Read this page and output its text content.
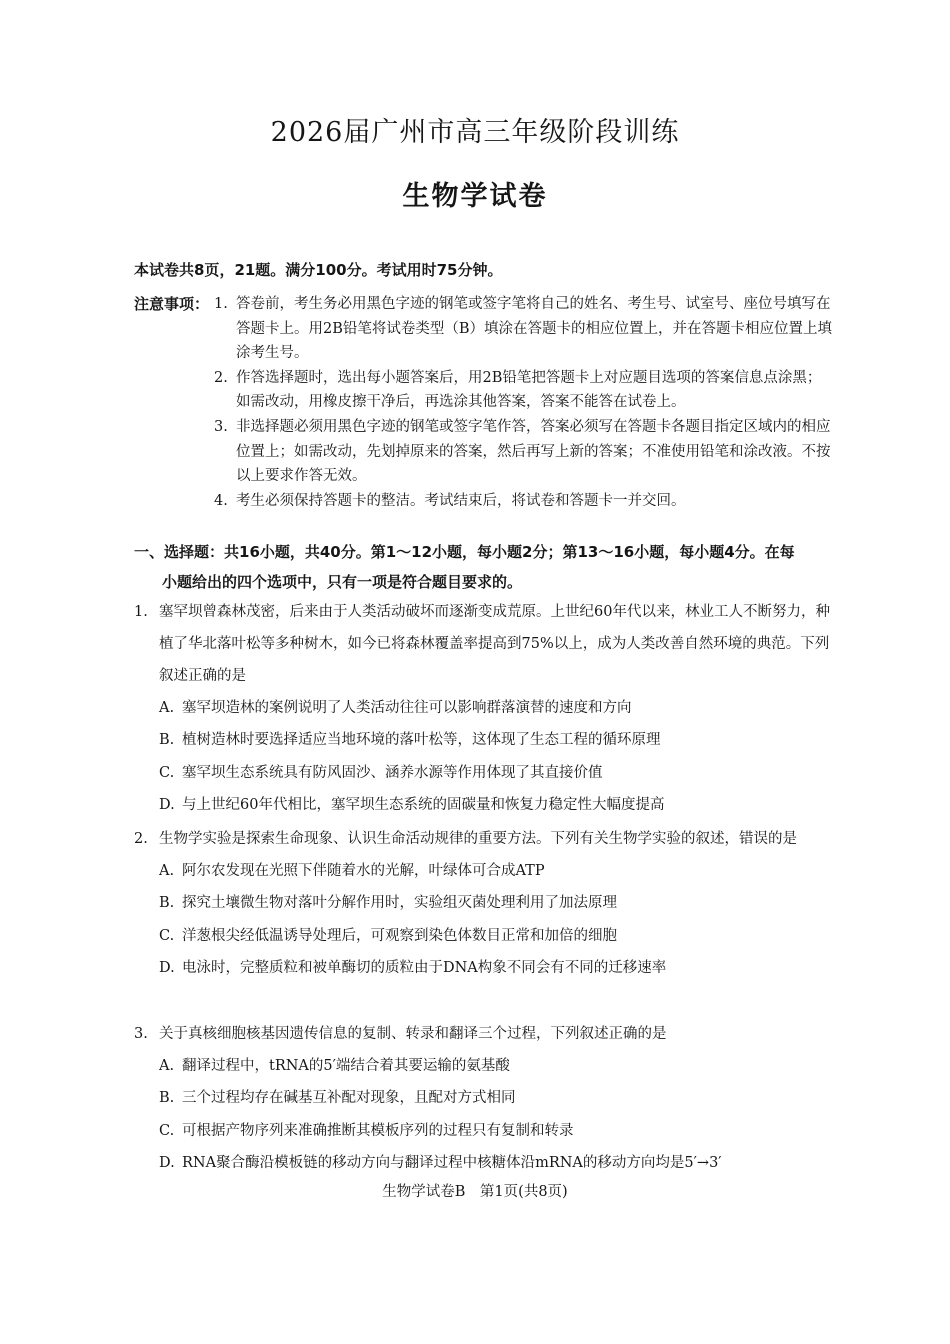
2026届广州市高三年级阶段训练
生物学试卷
本试卷共8页，21题。满分100分。考试用时75分钟。
注意事项： 1. 答卷前，考生务必用黑色字迹的钢笔或签字笔将自己的姓名、考生号、试室号、座位号填写在答题卡上。用2B铅笔将试卷类型（B）填涂在答题卡的相应位置上，并在答题卡相应位置上填涂考生号。
2. 作答选择题时，选出每小题答案后，用2B铅笔把答题卡上对应题目选项的答案信息点涂黑；如需改动，用橡皮擦干净后，再选涂其他答案，答案不能答在试卷上。
3. 非选择题必须用黑色字迹的钢笔或签字笔作答，答案必须写在答题卡各题目指定区域内的相应位置上；如需改动，先划掉原来的答案，然后再写上新的答案；不准使用铅笔和涂改液。不按以上要求作答无效。
4. 考生必须保持答题卡的整洁。考试结束后，将试卷和答题卡一并交回。
一、选择题：共16小题，共40分。第1～12小题，每小题2分；第13～16小题，每小题4分。在每
小题给出的四个选项中，只有一项是符合题目要求的。
1. 塞罕坝曾森林茂密，后来由于人类活动破坏而逐渐变成荒原。上世纪60年代以来，林业工人不断努力，种植了华北落叶松等多种树木，如今已将森林覆盖率提高到75%以上，成为人类改善自然环境的典范。下列叙述正确的是
A. 塞罕坝造林的案例说明了人类活动往往可以影响群落演替的速度和方向
B. 植树造林时要选择适应当地环境的落叶松等，这体现了生态工程的循环原理
C. 塞罕坝生态系统具有防风固沙、涵养水源等作用体现了其直接价值
D. 与上世纪60年代相比，塞罕坝生态系统的固碳量和恢复力稳定性大幅度提高
2. 生物学实验是探索生命现象、认识生命活动规律的重要方法。下列有关生物学实验的叙述，错误的是
A. 阿尔农发现在光照下伴随着水的光解，叶绿体可合成ATP
B. 探究土壤微生物对落叶分解作用时，实验组灭菌处理利用了加法原理
C. 洋葱根尖经低温诱导处理后，可观察到染色体数目正常和加倍的细胞
D. 电泳时，完整质粒和被单酶切的质粒由于DNA构象不同会有不同的迁移速率
3. 关于真核细胞核基因遗传信息的复制、转录和翻译三个过程，下列叙述正确的是
A. 翻译过程中，tRNA的5′端结合着其要运输的氨基酸
B. 三个过程均存在碱基互补配对现象，且配对方式相同
C. 可根据产物序列来准确推断其模板序列的过程只有复制和转录
D. RNA聚合酶沿模板链的移动方向与翻译过程中核糖体沿mRNA的移动方向均是5′→3′
生物学试卷B　第1页(共8页)
